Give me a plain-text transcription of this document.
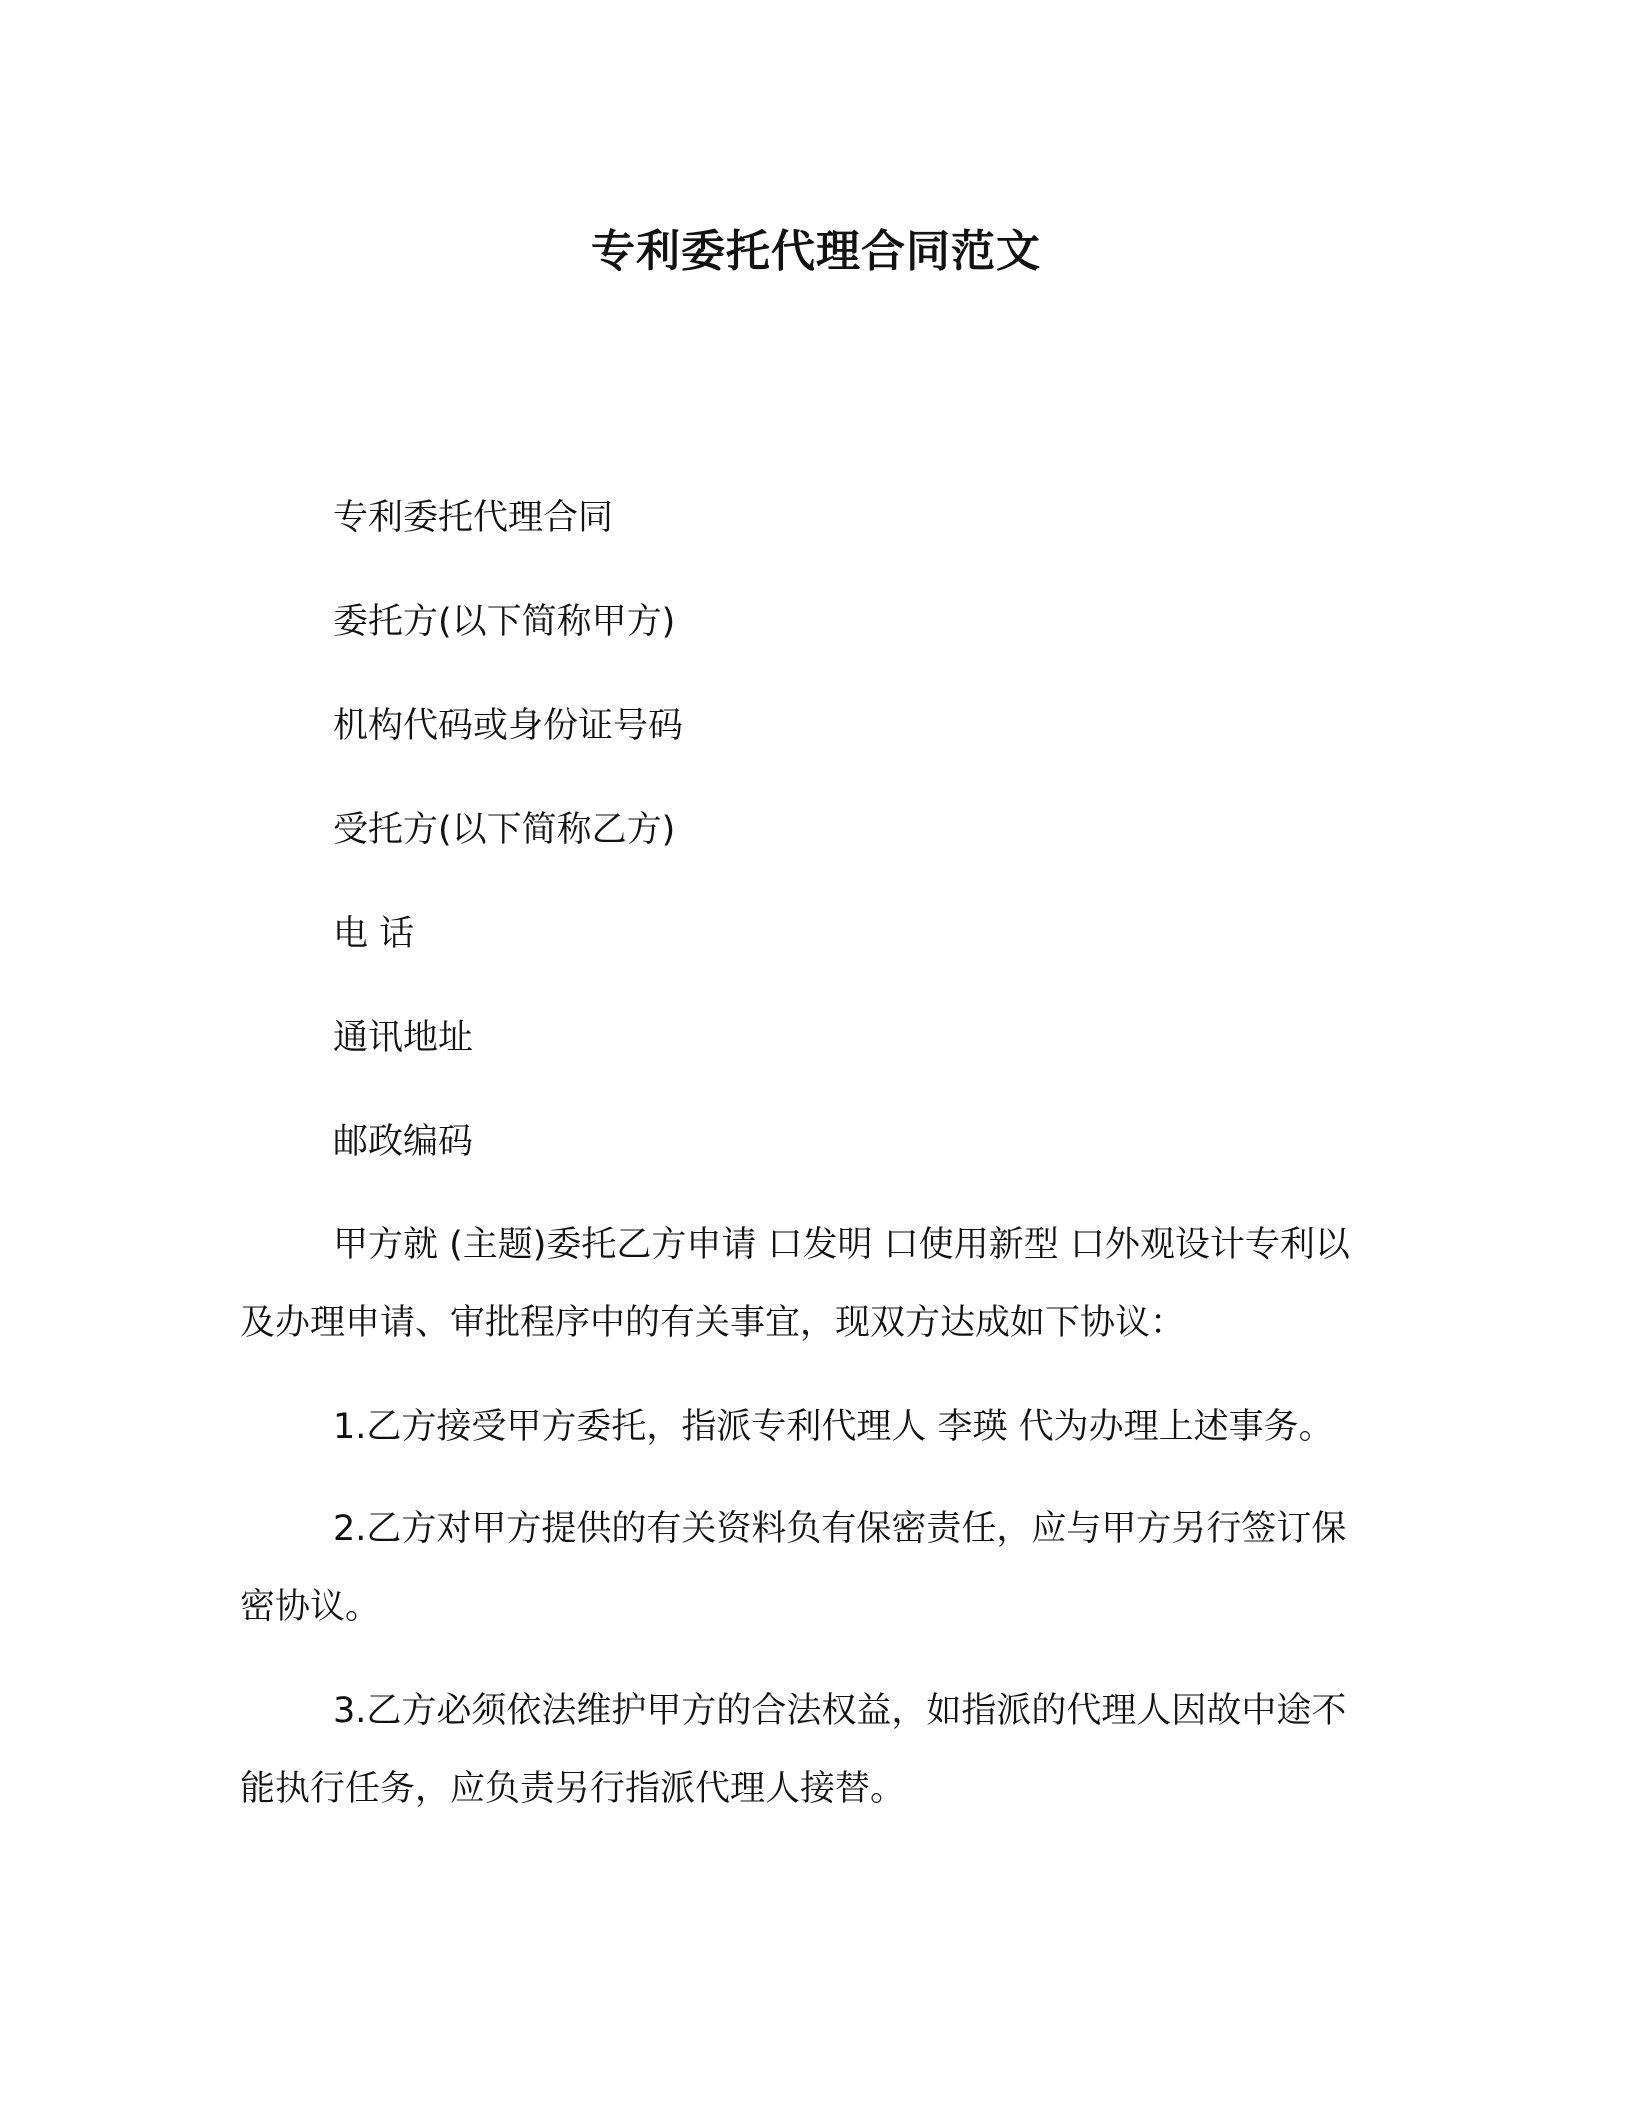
专利委托代理合同范文
专利委托代理合同
委托方(以下简称甲方)
机构代码或身份证号码
受托方(以下简称乙方)
电 话
通讯地址
邮政编码

甲方就 (主题)委托乙方申请 口发明 口使用新型 口外观设计专利以及办理申请、审批程序中的有关事宜，现双方达成如下协议：

1.乙方接受甲方委托，指派专利代理人 李瑛 代为办理上述事务。

2.乙方对甲方提供的有关资料负有保密责任，应与甲方另行签订保密协议。

3.乙方必须依法维护甲方的合法权益，如指派的代理人因故中途不能执行任务，应负责另行指派代理人接替。
